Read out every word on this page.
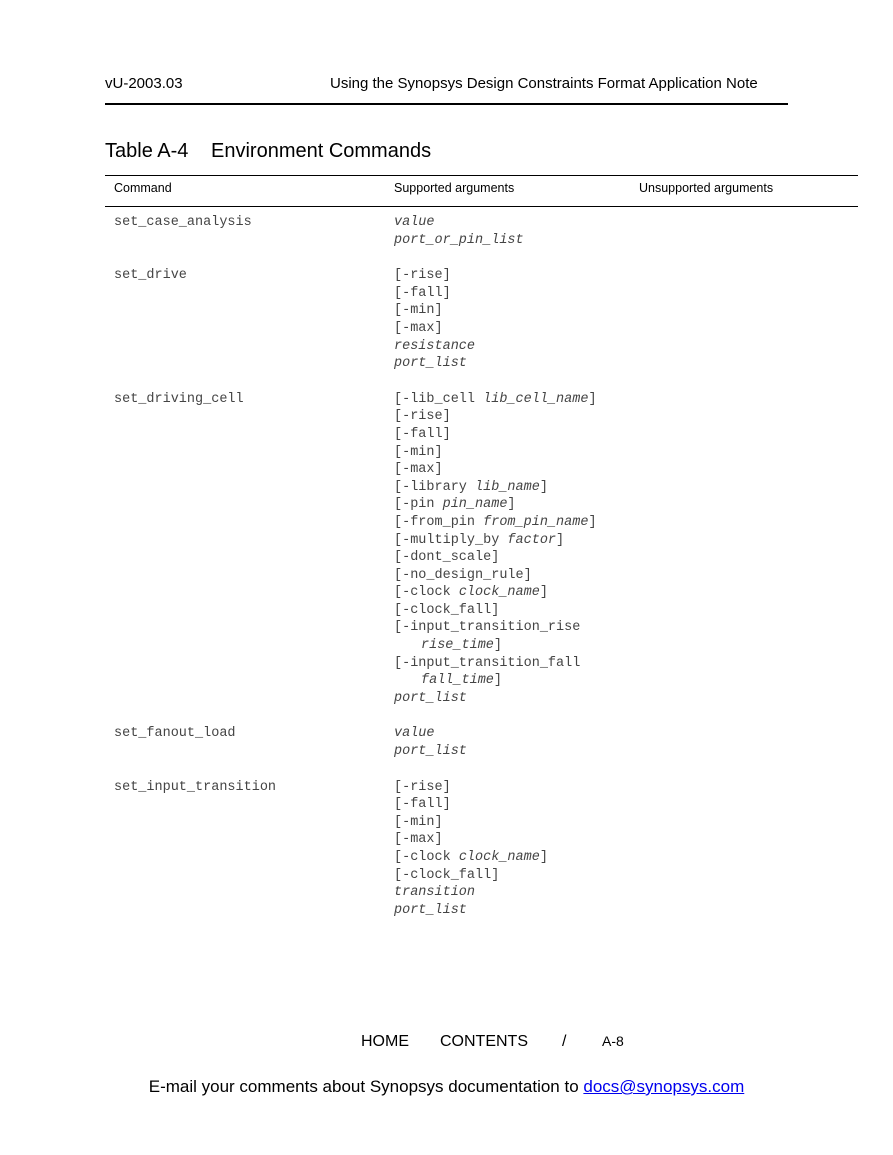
vU-2003.03	Using the Synopsys Design Constraints Format Application Note
Table A-4 Environment Commands
Command	Supported arguments	Unsupported arguments
set_case_analysis	value
port_or_pin_list
set_drive	[-rise]
[-fall]
[-min]
[-max]
resistance
port_list
set_driving_cell	[-lib_cell lib_cell_name]
[-rise]
[-fall]
[-min]
[-max]
[-library lib_name]
[-pin pin_name]
[-from_pin from_pin_name]
[-multiply_by factor]
[-dont_scale]
[-no_design_rule]
[-clock clock_name]
[-clock_fall]
[-input_transition_rise
rise_time]
[-input_transition_fall
fall_time]
port_list
set_fanout_load	value
port_list
set_input_transition	[-rise]
[-fall]
[-min]
[-max]
[-clock clock_name]
[-clock_fall]
transition
port_list
HOME CONTENTS /	A-8
E-mail your comments about Synopsys documentation to docs@synopsys.com
